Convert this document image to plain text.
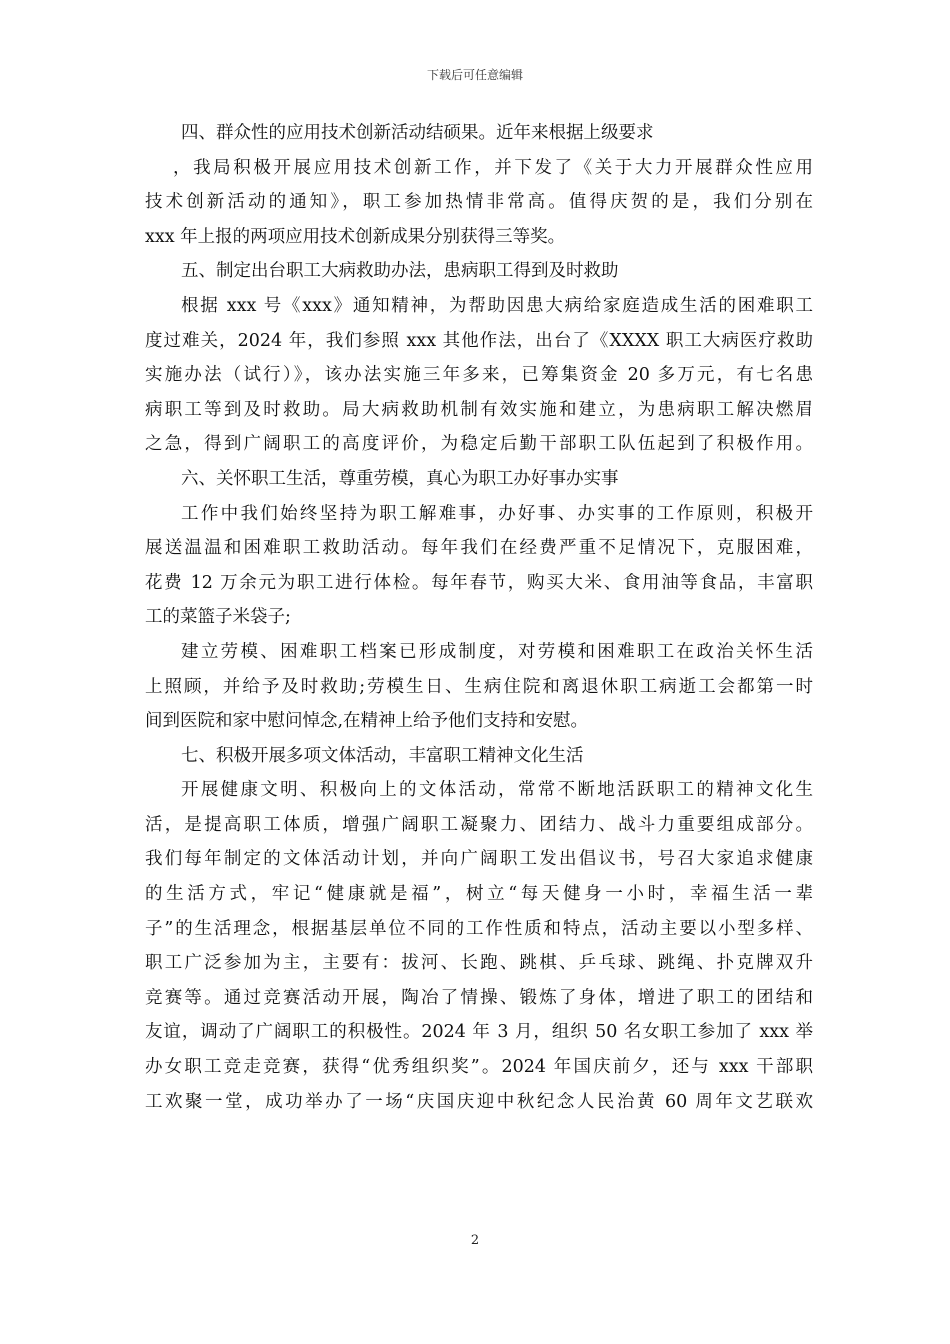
下载后可任意编辑
四、群众性的应用技术创新活动结硕果。近年来根据上级要求
，我局积极开展应用技术创新工作，并下发了《关于大力开展群众性应用
技术创新活动的通知》，职工参加热情非常高。值得庆贺的是，我们分别在
xxx 年上报的两项应用技术创新成果分别获得三等奖。
五、制定出台职工大病救助办法，患病职工得到及时救助
根据 xxx 号《xxx》通知精神，为帮助因患大病给家庭造成生活的困难职工
度过难关，2024 年，我们参照 xxx 其他作法，出台了《XXXX 职工大病医疗救助
实施办法（试行）》，该办法实施三年多来，已筹集资金 20 多万元，有七名患
病职工等到及时救助。局大病救助机制有效实施和建立，为患病职工解决燃眉
之急，得到广阔职工的高度评价，为稳定后勤干部职工队伍起到了积极作用。
六、关怀职工生活，尊重劳模，真心为职工办好事办实事
工作中我们始终坚持为职工解难事，办好事、办实事的工作原则，积极开
展送温温和困难职工救助活动。每年我们在经费严重不足情况下，克服困难，
花费 12 万余元为职工进行体检。每年春节，购买大米、食用油等食品，丰富职
工的菜篮子米袋子;
建立劳模、困难职工档案已形成制度，对劳模和困难职工在政治关怀生活
上照顾，并给予及时救助;劳模生日、生病住院和离退休职工病逝工会都第一时
间到医院和家中慰问悼念,在精神上给予他们支持和安慰。
七、积极开展多项文体活动，丰富职工精神文化生活
开展健康文明、积极向上的文体活动，常常不断地活跃职工的精神文化生
活，是提高职工体质，增强广阔职工凝聚力、团结力、战斗力重要组成部分。
我们每年制定的文体活动计划，并向广阔职工发出倡议书，号召大家追求健康
的生活方式，牢记“健康就是福”，树立“每天健身一小时，幸福生活一辈
子”的生活理念，根据基层单位不同的工作性质和特点，活动主要以小型多样、
职工广泛参加为主，主要有：拔河、长跑、跳棋、乒乓球、跳绳、扑克牌双升
竞赛等。通过竞赛活动开展，陶冶了情操、锻炼了身体，增进了职工的团结和
友谊，调动了广阔职工的积极性。2024 年 3 月，组织 50 名女职工参加了 xxx 举
办女职工竞走竞赛，获得“优秀组织奖”。2024 年国庆前夕，还与 xxx 干部职
工欢聚一堂，成功举办了一场“庆国庆迎中秋纪念人民治黄 60 周年文艺联欢
2
